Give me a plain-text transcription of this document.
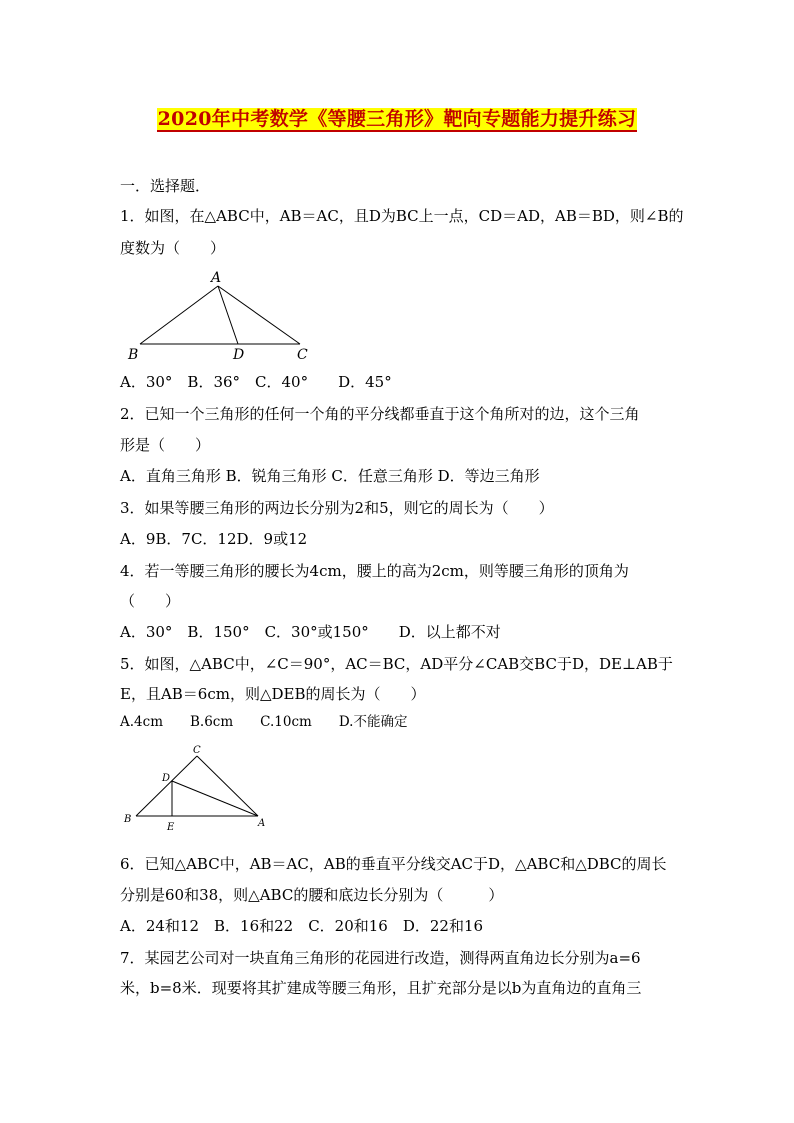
2020年中考数学《等腰三角形》靶向专题能力提升练习
一．选择题．
1．如图，在△ABC中，AB＝AC，且D为BC上一点，CD＝AD，AB＝BD，则∠B的
度数为（　　）
A
B	D	C
A．30°　B．36°　C．40°　　D．45°
2．已知一个三角形的任何一个角的平分线都垂直于这个角所对的边，这个三角
形是（　　）
A．直角三角形 B．锐角三角形 C．任意三角形 D．等边三角形
3．如果等腰三角形的两边长分别为2和5，则它的周长为（　　）
A．9B．7C．12D．9或12
4．若一等腰三角形的腰长为4cm，腰上的高为2cm，则等腰三角形的顶角为
（　　）
A．30°　B．150°　C．30°或150°　　D．以上都不对
5．如图，△ABC中，∠C＝90°，AC＝BC，AD平分∠CAB交BC于D，DE⊥AB于
E，且AB＝6cm，则△DEB的周长为（　　）
A.4cm　　B.6cm　　C.10cm　　D.不能确定
C
D
B
E	A
6．已知△ABC中，AB＝AC，AB的垂直平分线交AC于D，△ABC和△DBC的周长
分别是60和38，则△ABC的腰和底边长分别为（　　　）
A．24和12　B．16和22　C．20和16　D．22和16
7．某园艺公司对一块直角三角形的花园进行改造，测得两直角边长分别为a=6
米，b=8米．现要将其扩建成等腰三角形，且扩充部分是以b为直角边的直角三
